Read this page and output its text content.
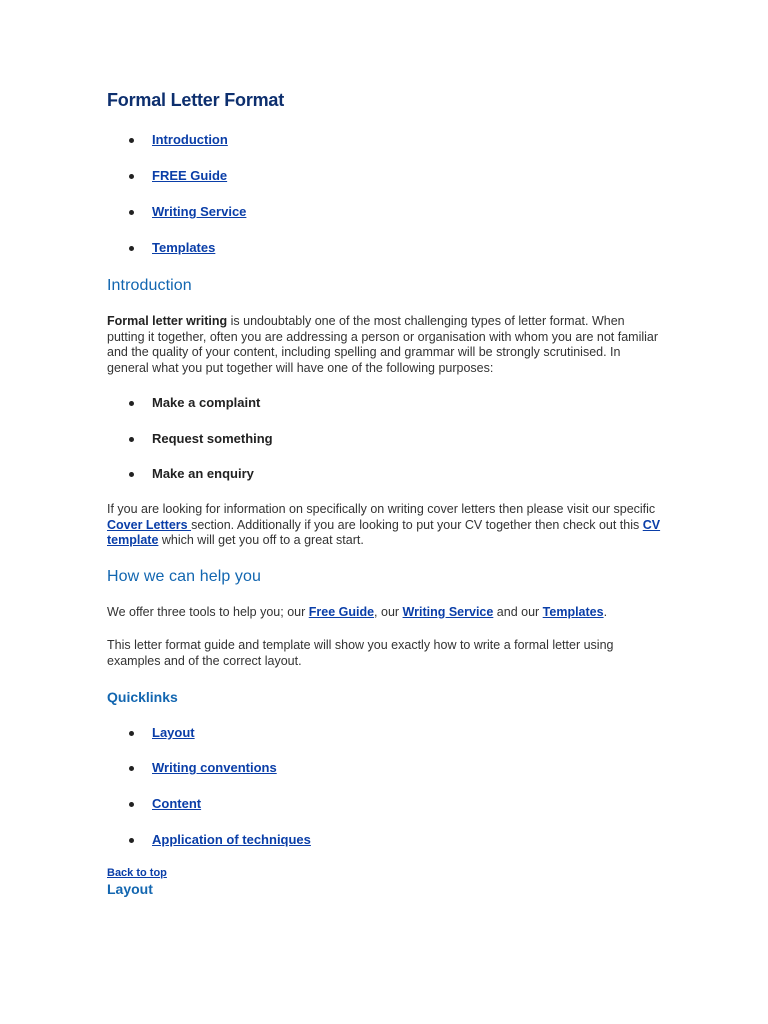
Formal Letter Format
Introduction
FREE Guide
Writing Service
Templates
Introduction

Formal letter writing is undoubtably one of the most challenging types of letter format. When putting it together, often you are addressing a person or organisation with whom you are not familiar and the quality of your content, including spelling and grammar will be strongly scrutinised. In general what you put together will have one of the following purposes:

Make a complaint
Request something
Make an enquiry

If you are looking for information on specifically on writing cover letters then please visit our specific Cover Letters section. Additionally if you are looking to put your CV together then check out this CV template which will get you off to a great start.

How we can help you

We offer three tools to help you; our Free Guide, our Writing Service and our Templates.

This letter format guide and template will show you exactly how to write a formal letter using examples and of the correct layout.

Quicklinks
Layout
Writing conventions
Content
Application of techniques
Back to top
Layout
